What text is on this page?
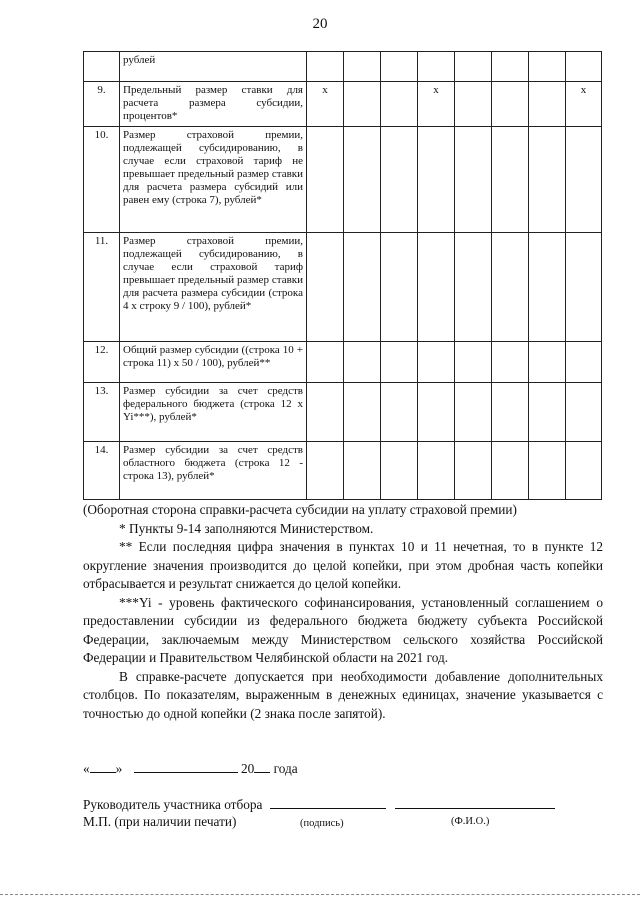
20
	рублей								
9.	Предельный размер ставки для расчета размера субсидии, процентов*	x			x				x
10.	Размер страховой премии, подлежащей субсидированию, в случае если страховой тариф не превышает предельный размер ставки для расчета размера субсидий или равен ему (строка 7), рублей*								
11.	Размер страховой премии, подлежащей субсидированию, в случае если страховой тариф превышает предельный размер ставки для расчета размера субсидии (строка 4 x строку 9 / 100), рублей*								
12.	Общий размер субсидии ((строка 10 + строка 11) x 50 / 100), рублей**								
13.	Размер субсидии за счет средств федерального бюджета (строка 12 x Yi***), рублей*								
14.	Размер субсидии за счет средств областного бюджета (строка 12 - строка 13), рублей*								

(Оборотная сторона справки-расчета субсидии на уплату страховой премии)

* Пункты 9-14 заполняются Министерством.

** Если последняя цифра значения в пунктах 10 и 11 нечетная, то в пункте 12 округление значения производится до целой копейки, при этом дробная часть копейки отбрасывается и результат снижается до целой копейки.

***Yi - уровень фактического софинансирования, установленный соглашением о предоставлении субсидии из федерального бюджета бюджету субъекта Российской Федерации, заключаемым между Министерством сельского хозяйства Российской Федерации и Правительством Челябинской области на 2021 год.

В справке-расчете допускается при необходимости добавление дополнительных столбцов. По показателям, выраженным в денежных единицах, значение указывается с точностью до одной копейки (2 знака после запятой).

« »	20 года
Руководитель участника отбора
М.П. (при наличии печати)	(подпись)	(Ф.И.О.)
